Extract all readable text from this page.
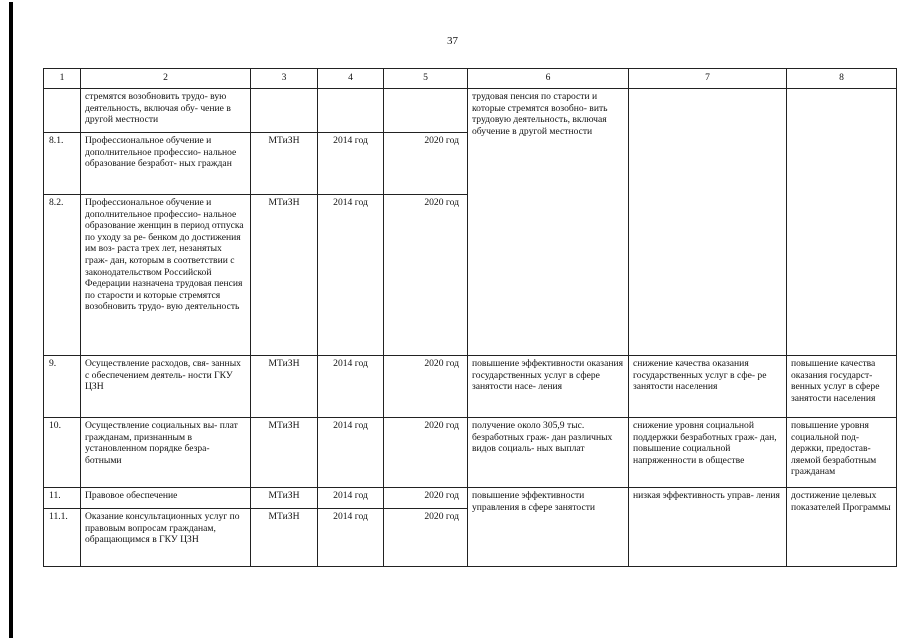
37
1	2	3	4	5	6	7	8
	стремятся возобновить трудо- вую деятельность, включая обу- чение в другой местности				трудовая пенсия по старости и которые стремятся возобно- вить трудовую деятельность, включая обучение в другой местности		
8.1.	Профессиональное обучение и дополнительное профессио- нальное образование безработ- ных граждан	МТиЗН	2014 год	2020 год			
8.2.	Профессиональное обучение и дополнительное профессио- нальное образование женщин в период отпуска по уходу за ре- бенком до достижения им воз- раста трех лет, незанятых граж- дан, которым в соответствии с законодательством Российской Федерации назначена трудовая пенсия по старости и которые стремятся возобновить трудо- вую деятельность	МТиЗН	2014 год	2020 год			
9.	Осуществление расходов, свя- занных с обеспечением деятель- ности ГКУ ЦЗН	МТиЗН	2014 год	2020 год	повышение эффективности оказания государственных услуг в сфере занятости насе- ления	снижение качества оказания государственных услуг в сфе- ре занятости населения	повышение качества оказания государст- венных услуг в сфере занятости населения
10.	Осуществление социальных вы- плат гражданам, признанным в установленном порядке безра- ботными	МТиЗН	2014 год	2020 год	получение около 305,9 тыс. безработных граж- дан различных видов социаль- ных выплат	снижение уровня социальной поддержки безработных граж- дан, повышение социальной напряженности в обществе	повышение уровня социальной под- держки, предостав- ляемой безработным гражданам
11.	Правовое обеспечение	МТиЗН	2014 год	2020 год	повышение эффективности управления в сфере занятости	низкая эффективность управ- ления	достижение целевых показателей Программы
11.1.	Оказание консультационных услуг по правовым вопросам гражданам, обращающимся в ГКУ ЦЗН	МТиЗН	2014 год	2020 год			
